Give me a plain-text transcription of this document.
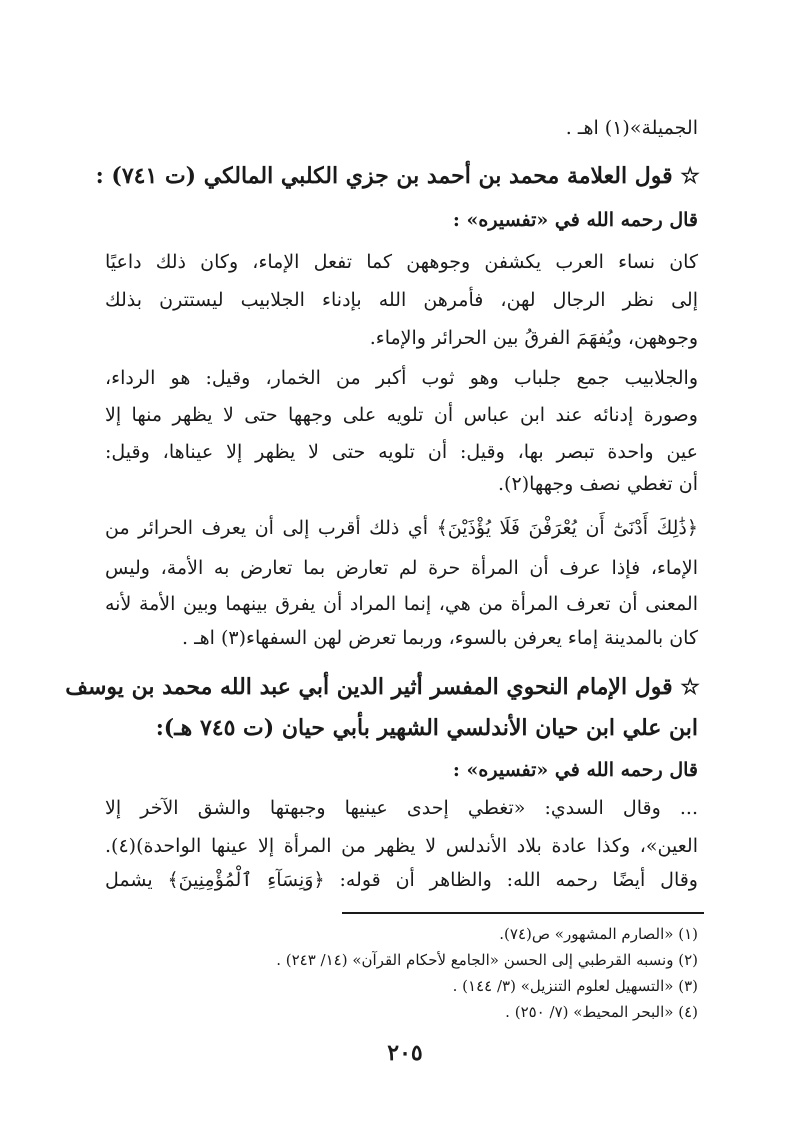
الجميلة»(١) اهـ .
☆ قول العلامة محمد بن أحمد بن جزي الكلبي المالكي (ت ٧٤١) :
قال رحمه الله في «تفسيره» :
كان نساء العرب يكشفن وجوههن كما تفعل الإماء، وكان ذلك داعيًا
إلى نظر الرجال لهن، فأمرهن الله بإدناء الجلابيب ليستترن بذلك
وجوههن، ويُفهَمَ الفرقُ بين الحرائر والإماء.
والجلابيب جمع جلباب وهو ثوب أكبر من الخمار، وقيل: هو الرداء،
وصورة إدنائه عند ابن عباس أن تلويه على وجهها حتى لا يظهر منها إلا
عين واحدة تبصر بها، وقيل: أن تلويه حتى لا يظهر إلا عيناها، وقيل:
أن تغطي نصف وجهها(٢).
﴿ذَٰلِكَ أَدْنَىٰٓ أَن يُعْرَفْنَ فَلَا يُؤْذَيْنَ﴾ أي ذلك أقرب إلى أن يعرف الحرائر من
الإماء، فإذا عرف أن المرأة حرة لم تعارض بما تعارض به الأمة، وليس
المعنى أن تعرف المرأة من هي، إنما المراد أن يفرق بينهما وبين الأمة لأنه
كان بالمدينة إماء يعرفن بالسوء، وربما تعرض لهن السفهاء(٣) اهـ .
☆ قول الإمام النحوي المفسر أثير الدين أبي عبد الله محمد بن يوسف
ابن علي ابن حيان الأندلسي الشهير بأبي حيان (ت ٧٤٥ هـ):
قال رحمه الله في «تفسيره» :
... وقال السدي: «تغطي إحدى عينيها وجبهتها والشق الآخر إلا
العين»، وكذا عادة بلاد الأندلس لا يظهر من المرأة إلا عينها الواحدة)(٤).
وقال أيضًا رحمه الله: والظاهر أن قوله: ﴿وَنِسَآءِ ٱلْمُؤْمِنِينَ﴾ يشمل
(١) «الصارم المشهور» ص(٧٤).
(٢) ونسبه القرطبي إلى الحسن «الجامع لأحكام القرآن» (١٤/ ٢٤٣) .
(٣) «التسهيل لعلوم التنزيل» (٣/ ١٤٤) .
(٤) «البحر المحيط» (٧/ ٢٥٠) .
٢٠٥
